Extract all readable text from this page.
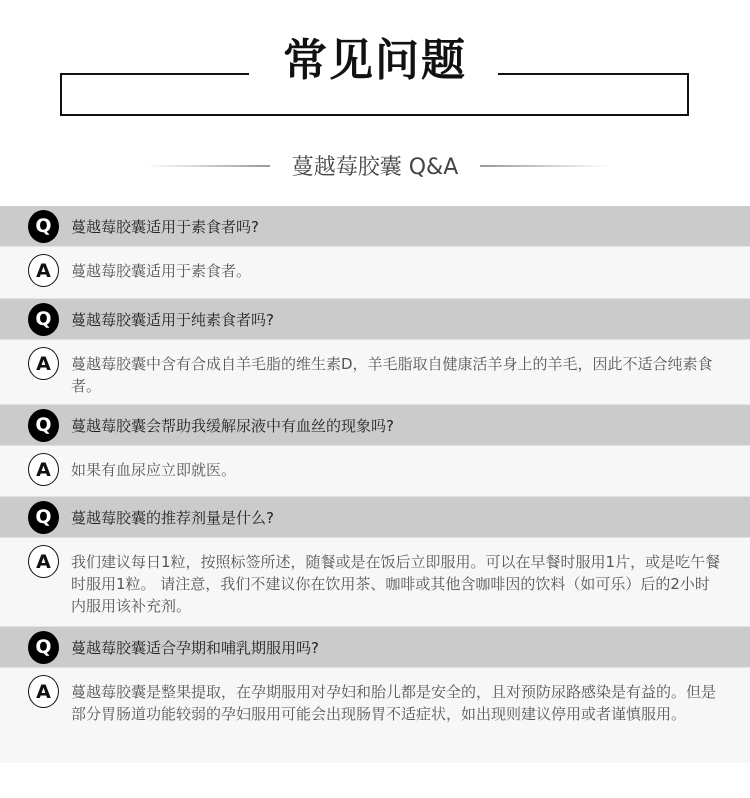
常见问题
蔓越莓胶囊 Q&A
Q	蔓越莓胶囊适用于素食者吗?
A	蔓越莓胶囊适用于素食者。
Q	蔓越莓胶囊适用于纯素食者吗?
A	蔓越莓胶囊中含有合成自羊毛脂的维生素D，羊毛脂取自健康活羊身上的羊毛，因此不适合纯素食者。
Q	蔓越莓胶囊会帮助我缓解尿液中有血丝的现象吗?
A	如果有血尿应立即就医。
Q	蔓越莓胶囊的推荐剂量是什么?
A	我们建议每日1粒，按照标签所述，随餐或是在饭后立即服用。可以在早餐时服用1片，或是吃午餐时服用1粒。 请注意，我们不建议你在饮用茶、咖啡或其他含咖啡因的饮料（如可乐）后的2小时内服用该补充剂。
Q	蔓越莓胶囊适合孕期和哺乳期服用吗?
A	蔓越莓胶囊是整果提取，在孕期服用对孕妇和胎儿都是安全的，且对预防尿路感染是有益的。但是部分胃肠道功能较弱的孕妇服用可能会出现肠胃不适症状，如出现则建议停用或者谨慎服用。
